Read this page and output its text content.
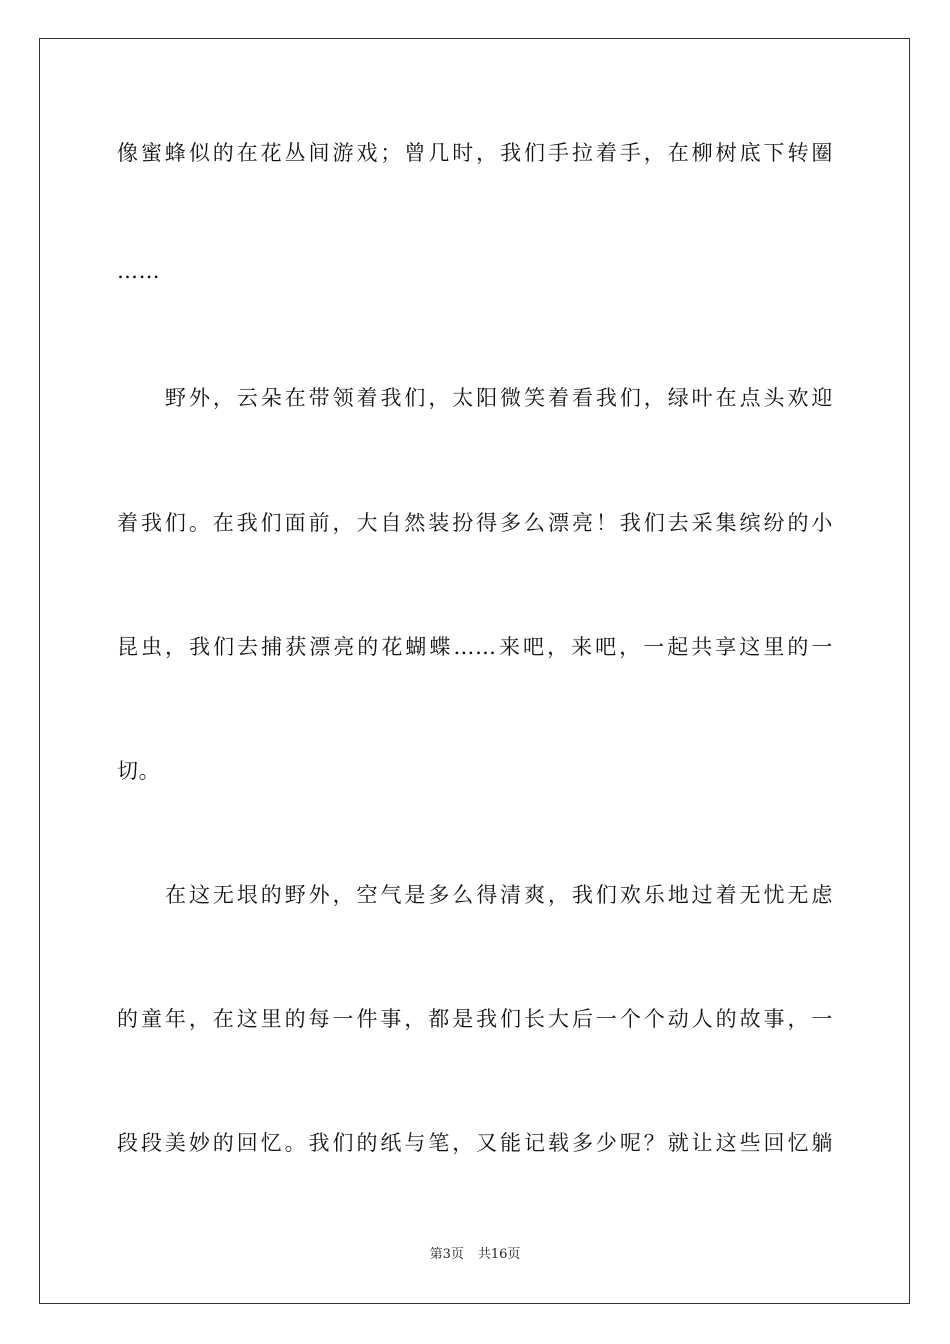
像蜜蜂似的在花丛间游戏；曾几时，我们手拉着手，在柳树底下转圈
……
野外，云朵在带领着我们，太阳微笑着看我们，绿叶在点头欢迎
着我们。在我们面前，大自然装扮得多么漂亮！我们去采集缤纷的小
昆虫，我们去捕获漂亮的花蝴蝶……来吧，来吧，一起共享这里的一
切。
在这无垠的野外，空气是多么得清爽，我们欢乐地过着无忧无虑
的童年，在这里的每一件事，都是我们长大后一个个动人的故事，一
段段美妙的回忆。我们的纸与笔，又能记载多少呢？就让这些回忆躺
第3页 共16页
